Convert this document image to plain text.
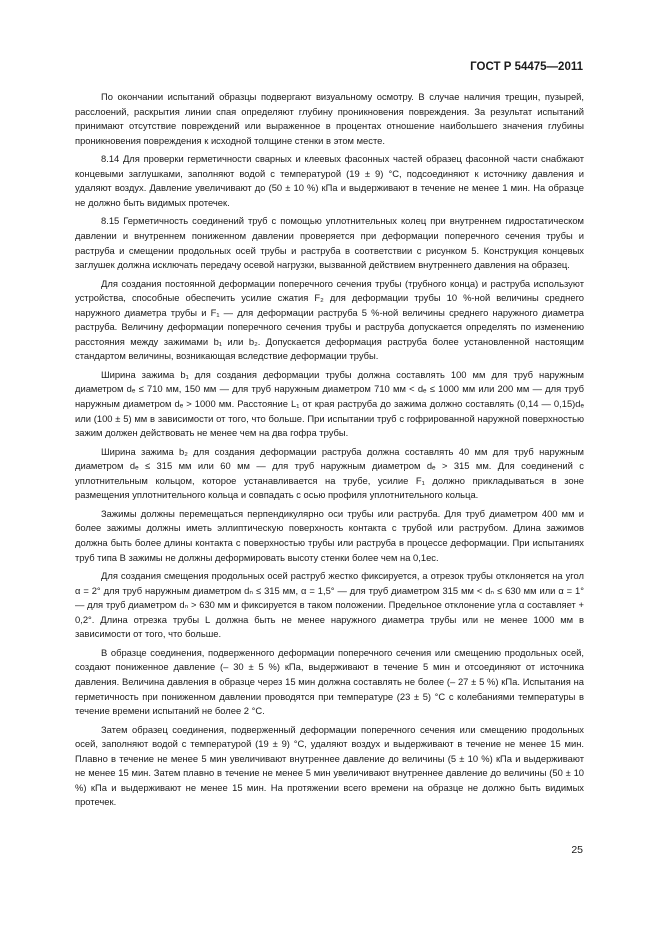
ГОСТ Р 54475—2011

По окончании испытаний образцы подвергают визуальному осмотру. В случае наличия трещин, пузырей, расслоений, раскрытия линии спая определяют глубину проникновения повреждения. За результат испытаний принимают отсутствие повреждений или выраженное в процентах отношение наибольшего значения глубины проникновения повреждения к исходной толщине стенки в этом месте.

8.14 Для проверки герметичности сварных и клеевых фасонных частей образец фасонной части снабжают концевыми заглушками, заполняют водой с температурой (19 ± 9) °С, подсоединяют к источнику давления и удаляют воздух. Давление увеличивают до (50 ± 10 %) кПа и выдерживают в течение не менее 1 мин. На образце не должно быть видимых протечек.

8.15 Герметичность соединений труб с помощью уплотнительных колец при внутреннем гидростатическом давлении и внутреннем пониженном давлении проверяется при деформации поперечного сечения трубы и раструба и смещении продольных осей трубы и раструба в соответствии с рисунком 5. Конструкция концевых заглушек должна исключать передачу осевой нагрузки, вызванной действием внутреннего давления на образец.

Для создания постоянной деформации поперечного сечения трубы (трубного конца) и раструба используют устройства, способные обеспечить усилие сжатия F₂ для деформации трубы 10 %-ной величины среднего наружного диаметра трубы и F₁ — для деформации раструба 5 %-ной величины среднего наружного диаметра раструба. Величину деформации поперечного сечения трубы и раструба допускается определять по изменению расстояния между зажимами b₁ или b₂. Допускается деформация раструба более установленной настоящим стандартом величины, возникающая вследствие деформации трубы.

Ширина зажима b₁ для создания деформации трубы должна составлять 100 мм для труб наружным диаметром dₑ ≤ 710 мм, 150 мм — для труб наружным диаметром 710 мм < dₑ ≤ 1000 мм или 200 мм — для труб наружным диаметром dₑ > 1000 мм. Расстояние L₁ от края раструба до зажима должно составлять (0,14 — 0,15)dₑ или (100 ± 5) мм в зависимости от того, что больше. При испытании труб с гофрированной наружной поверхностью зажим должен действовать не менее чем на два гофра трубы.

Ширина зажима b₂ для создания деформации раструба должна составлять 40 мм для труб наружным диаметром dₑ ≤ 315 мм или 60 мм — для труб наружным диаметром dₑ > 315 мм. Для соединений с уплотнительным кольцом, которое устанавливается на трубе, усилие F₁ должно прикладываться в зоне размещения уплотнительного кольца и совпадать с осью профиля уплотнительного кольца.

Зажимы должны перемещаться перпендикулярно оси трубы или раструба. Для труб диаметром 400 мм и более зажимы должны иметь эллиптическую поверхность контакта с трубой или раструбом. Длина зажимов должна быть более длины контакта с поверхностью трубы или раструба в процессе деформации. При испытаниях труб типа В зажимы не должны деформировать высоту стенки более чем на 0,1eс.

Для создания смещения продольных осей раструб жестко фиксируется, а отрезок трубы отклоняется на угол α = 2° для труб наружным диаметром dₙ ≤ 315 мм, α = 1,5° — для труб диаметром 315 мм < dₙ ≤ 630 мм или α = 1° — для труб диаметром dₙ > 630 мм и фиксируется в таком положении. Предельное отклонение угла α составляет + 0,2°. Длина отрезка трубы L должна быть не менее наружного диаметра трубы или не менее 1000 мм в зависимости от того, что больше.

В образце соединения, подверженного деформации поперечного сечения или смещению продольных осей, создают пониженное давление (– 30 ± 5 %) кПа, выдерживают в течение 5 мин и отсоединяют от источника давления. Величина давления в образце через 15 мин должна составлять не более (– 27 ± 5 %) кПа. Испытания на герметичность при пониженном давлении проводятся при температуре (23 ± 5) °С с колебаниями температуры в течение времени испытаний не более 2 °С.

Затем образец соединения, подверженный деформации поперечного сечения или смещению продольных осей, заполняют водой с температурой (19 ± 9) °С, удаляют воздух и выдерживают в течение не менее 15 мин. Плавно в течение не менее 5 мин увеличивают внутреннее давление до величины (5 ± 10 %) кПа и выдерживают не менее 15 мин. Затем плавно в течение не менее 5 мин увеличивают внутреннее давление до величины (50 ± 10 %) кПа и выдерживают не менее 15 мин. На протяжении всего времени на образце не должно быть видимых протечек.

25
